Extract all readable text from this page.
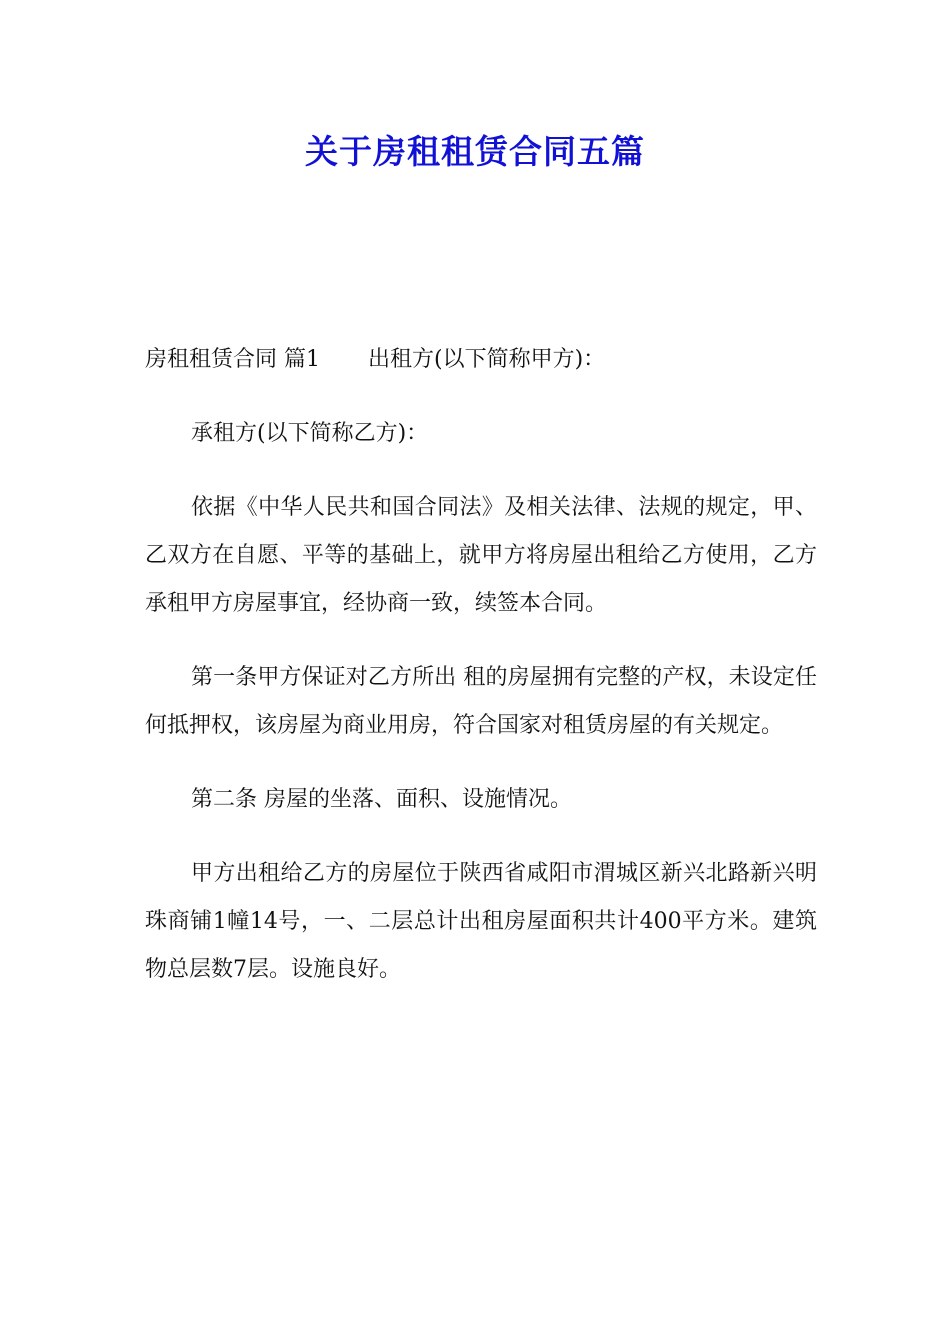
关于房租租赁合同五篇

房租租赁合同 篇1 出租方(以下简称甲方)：

承租方(以下简称乙方)：

依据《中华人民共和国合同法》及相关法律、法规的规定，甲、乙双方在自愿、平等的基础上，就甲方将房屋出租给乙方使用，乙方承租甲方房屋事宜，经协商一致，续签本合同。

第一条甲方保证对乙方所出 租的房屋拥有完整的产权，未设定任何抵押权，该房屋为商业用房，符合国家对租赁房屋的有关规定。

第二条 房屋的坐落、面积、设施情况。

甲方出租给乙方的房屋位于陕西省咸阳市渭城区新兴北路新兴明珠商铺1幢14号，一、二层总计出租房屋面积共计400平方米。建筑物总层数7层。设施良好。
